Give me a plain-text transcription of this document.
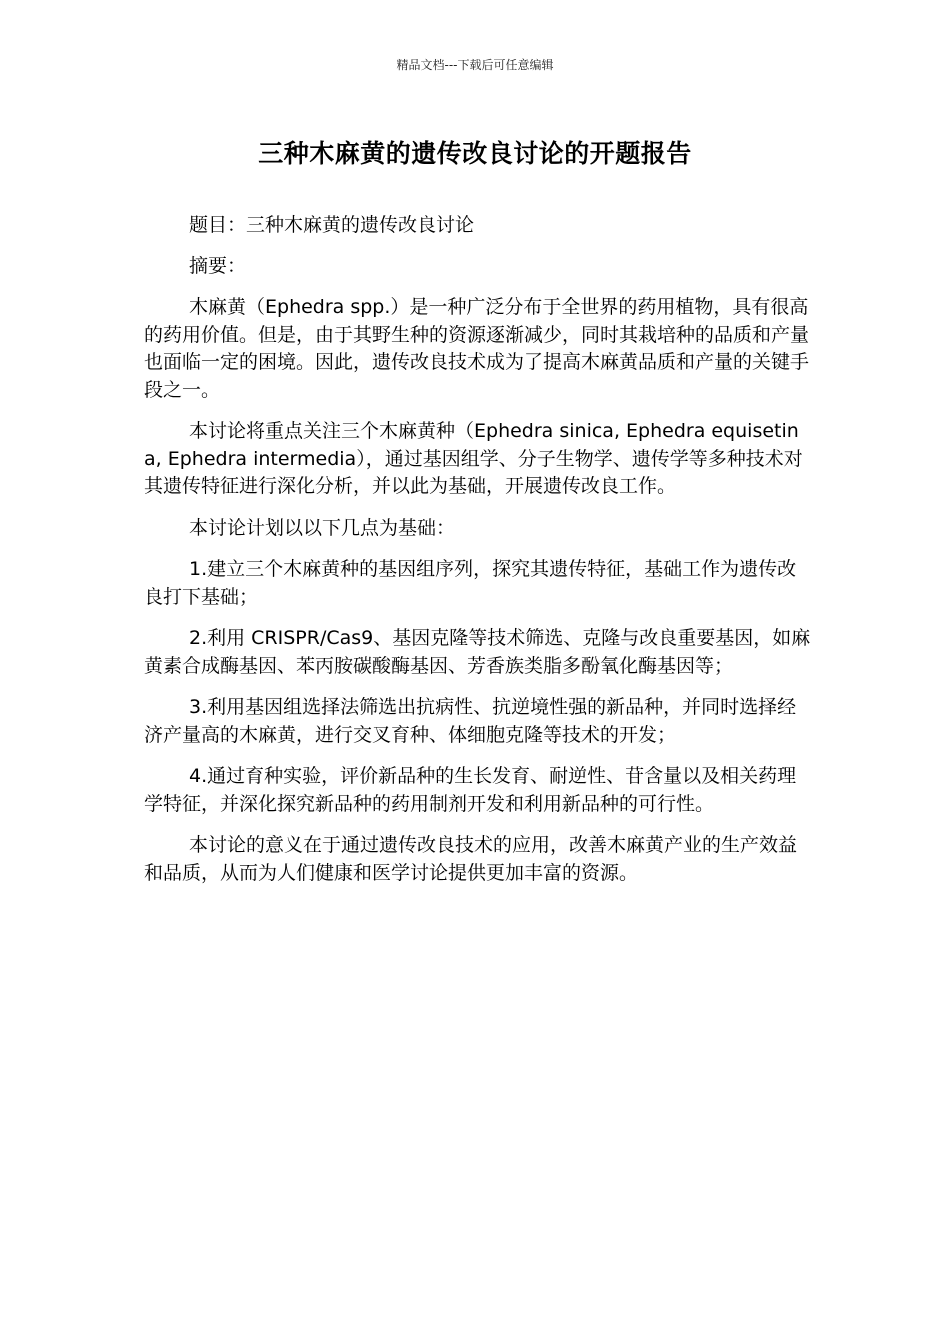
精品文档---下载后可任意编辑
三种木麻黄的遗传改良讨论的开题报告

题目：三种木麻黄的遗传改良讨论

摘要：

木麻黄（Ephedra spp.）是一种广泛分布于全世界的药用植物，具有很高的药用价值。但是，由于其野生种的资源逐渐减少，同时其栽培种的品质和产量也面临一定的困境。因此，遗传改良技术成为了提高木麻黄品质和产量的关键手段之一。

本讨论将重点关注三个木麻黄种（Ephedra sinica, Ephedra equisetina, Ephedra intermedia），通过基因组学、分子生物学、遗传学等多种技术对其遗传特征进行深化分析，并以此为基础，开展遗传改良工作。

本讨论计划以以下几点为基础：

1.建立三个木麻黄种的基因组序列，探究其遗传特征，基础工作为遗传改良打下基础；

2.利用 CRISPR/Cas9、基因克隆等技术筛选、克隆与改良重要基因，如麻黄素合成酶基因、苯丙胺碳酸酶基因、芳香族类脂多酚氧化酶基因等；

3.利用基因组选择法筛选出抗病性、抗逆境性强的新品种，并同时选择经济产量高的木麻黄，进行交叉育种、体细胞克隆等技术的开发；

4.通过育种实验，评价新品种的生长发育、耐逆性、苷含量以及相关药理学特征，并深化探究新品种的药用制剂开发和利用新品种的可行性。

本讨论的意义在于通过遗传改良技术的应用，改善木麻黄产业的生产效益和品质，从而为人们健康和医学讨论提供更加丰富的资源。
